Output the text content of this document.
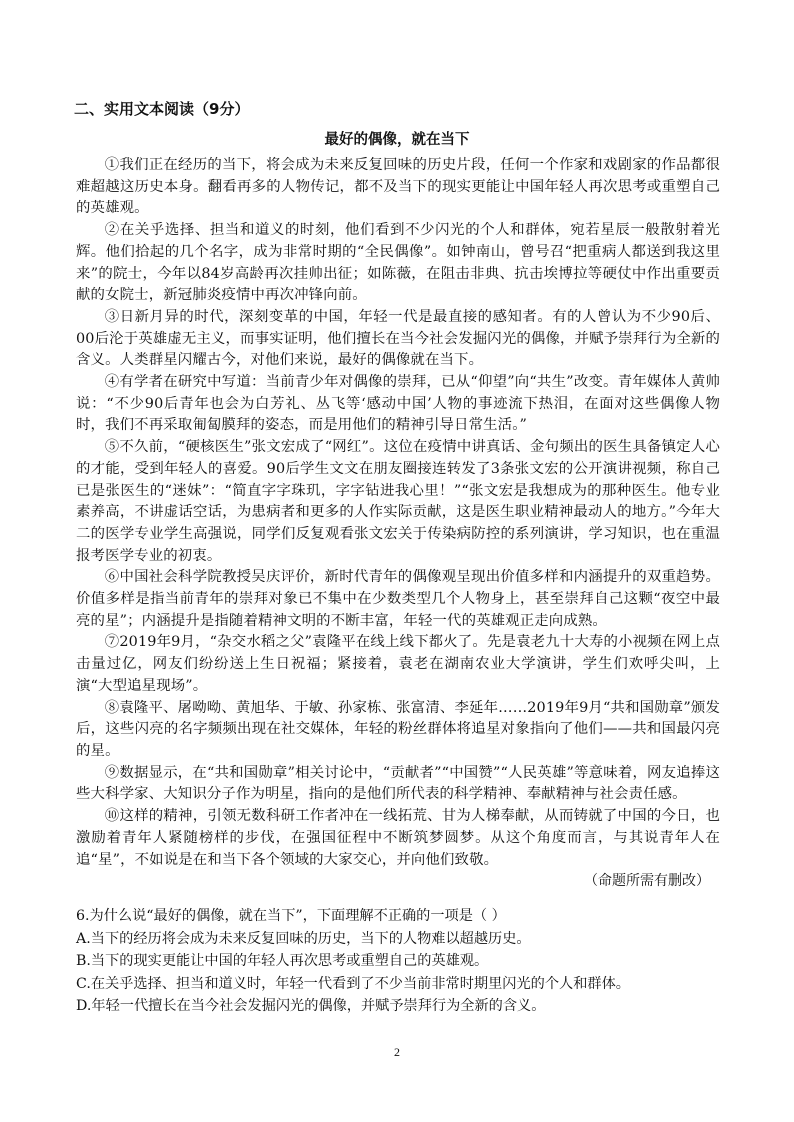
二、实用文本阅读（9分）
最好的偶像，就在当下

①我们正在经历的当下，将会成为未来反复回味的历史片段，任何一个作家和戏剧家的作品都很难超越这历史本身。翻看再多的人物传记，都不及当下的现实更能让中国年轻人再次思考或重塑自己的英雄观。

②在关乎选择、担当和道义的时刻，他们看到不少闪光的个人和群体，宛若星辰一般散射着光辉。他们拾起的几个名字，成为非常时期的“全民偶像”。如钟南山，曾号召“把重病人都送到我这里来”的院士，今年以84岁高龄再次挂帅出征；如陈薇，在阻击非典、抗击埃博拉等硬仗中作出重要贡献的女院士，新冠肺炎疫情中再次冲锋向前。

③日新月异的时代，深刻变革的中国，年轻一代是最直接的感知者。有的人曾认为不少90后、00后沦于英雄虚无主义，而事实证明，他们擅长在当今社会发掘闪光的偶像，并赋予崇拜行为全新的含义。人类群星闪耀古今，对他们来说，最好的偶像就在当下。

④有学者在研究中写道：当前青少年对偶像的崇拜，已从“仰望”向“共生”改变。青年媒体人黄帅说：“不少90后青年也会为白芳礼、丛飞等‘感动中国’人物的事迹流下热泪，在面对这些偶像人物时，我们不再采取匍匐膜拜的姿态，而是用他们的精神引导日常生活。”

⑤不久前，“硬核医生”张文宏成了“网红”。这位在疫情中讲真话、金句频出的医生具备镇定人心的才能，受到年轻人的喜爱。90后学生文文在朋友圈接连转发了3条张文宏的公开演讲视频，称自己已是张医生的“迷妹”：“简直字字珠玑，字字钻进我心里！”“张文宏是我想成为的那种医生。他专业素养高，不讲虚话空话，为患病者和更多的人作实际贡献，这是医生职业精神最动人的地方。”今年大二的医学专业学生高强说，同学们反复观看张文宏关于传染病防控的系列演讲，学习知识，也在重温报考医学专业的初衷。

⑥中国社会科学院教授吴庆评价，新时代青年的偶像观呈现出价值多样和内涵提升的双重趋势。价值多样是指当前青年的崇拜对象已不集中在少数类型几个人物身上，甚至崇拜自己这颗“夜空中最亮的星”；内涵提升是指随着精神文明的不断丰富，年轻一代的英雄观正走向成熟。

⑦2019年9月，“杂交水稻之父”袁隆平在线上线下都火了。先是袁老九十大寿的小视频在网上点击量过亿，网友们纷纷送上生日祝福；紧接着，袁老在湖南农业大学演讲，学生们欢呼尖叫，上演“大型追星现场”。

⑧袁隆平、屠呦呦、黄旭华、于敏、孙家栋、张富清、李延年……2019年9月“共和国勋章”颁发后，这些闪亮的名字频频出现在社交媒体，年轻的粉丝群体将追星对象指向了他们——共和国最闪亮的星。

⑨数据显示，在“共和国勋章”相关讨论中，“贡献者”“中国赞”“人民英雄”等意味着，网友追捧这些大科学家、大知识分子作为明星，指向的是他们所代表的科学精神、奉献精神与社会责任感。

⑩这样的精神，引领无数科研工作者冲在一线拓荒、甘为人梯奉献，从而铸就了中国的今日，也激励着青年人紧随榜样的步伐，在强国征程中不断筑梦圆梦。从这个角度而言，与其说青年人在追“星”，不如说是在和当下各个领域的大家交心，并向他们致敬。

（命题所需有删改）

6.为什么说“最好的偶像，就在当下”，下面理解不正确的一项是（ ）

A.当下的经历将会成为未来反复回味的历史，当下的人物难以超越历史。

B.当下的现实更能让中国的年轻人再次思考或重塑自己的英雄观。

C.在关乎选择、担当和道义时，年轻一代看到了不少当前非常时期里闪光的个人和群体。

D.年轻一代擅长在当今社会发掘闪光的偶像，并赋予崇拜行为全新的含义。

2
